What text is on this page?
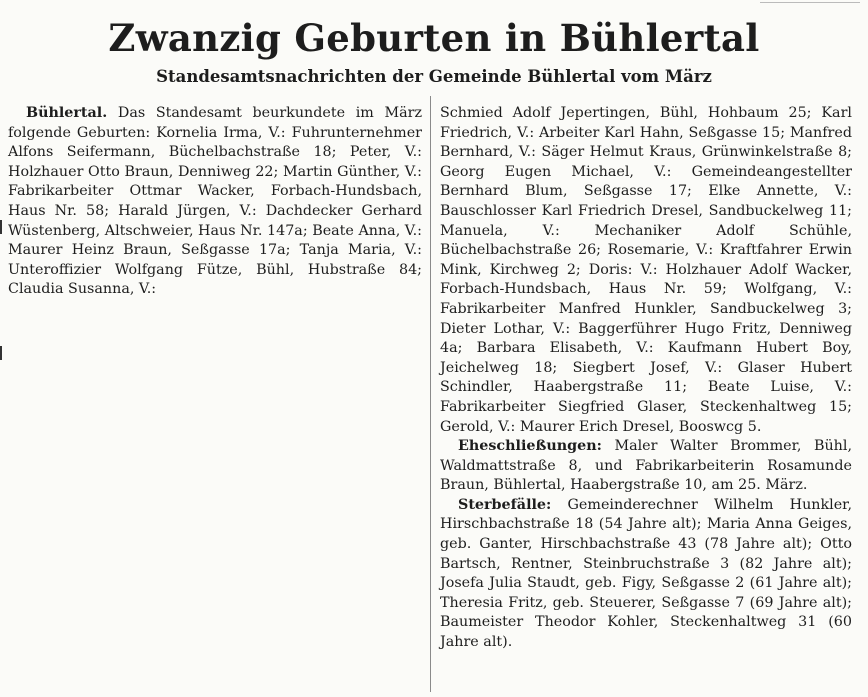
Zwanzig Geburten in Bühlertal
Standesamtsnachrichten der Gemeinde Bühlertal vom März

Bühlertal. Das Standesamt beurkundete im März folgende Geburten: Kornelia Irma, V.: Fuhrunternehmer Alfons Seifermann, Büchelbachstraße 18; Peter, V.: Holzhauer Otto Braun, Denniweg 22; Martin Günther, V.: Fabrikarbeiter Ottmar Wacker, Forbach-Hundsbach, Haus Nr. 58; Harald Jürgen, V.: Dachdecker Gerhard Wüstenberg, Altschweier, Haus Nr. 147a; Beate Anna, V.: Maurer Heinz Braun, Seßgasse 17a; Tanja Maria, V.: Unteroffizier Wolfgang Fütze, Bühl, Hubstraße 84; Claudia Susanna, V.:

Schmied Adolf Jepertingen, Bühl, Hohbaum 25; Karl Friedrich, V.: Arbeiter Karl Hahn, Seßgasse 15; Manfred Bernhard, V.: Säger Helmut Kraus, Grünwinkelstraße 8; Georg Eugen Michael, V.: Gemeindeangestellter Bernhard Blum, Seßgasse 17; Elke Annette, V.: Bauschlosser Karl Friedrich Dresel, Sandbuckelweg 11; Manuela, V.: Mechaniker Adolf Schühle, Büchelbachstraße 26; Rosemarie, V.: Kraftfahrer Erwin Mink, Kirchweg 2; Doris: V.: Holzhauer Adolf Wacker, Forbach-Hundsbach, Haus Nr. 59; Wolfgang, V.: Fabrikarbeiter Manfred Hunkler, Sandbuckelweg 3; Dieter Lothar, V.: Baggerführer Hugo Fritz, Denniweg 4a; Barbara Elisabeth, V.: Kaufmann Hubert Boy, Jeichelweg 18; Siegbert Josef, V.: Glaser Hubert Schindler, Haabergstraße 11; Beate Luise, V.: Fabrikarbeiter Siegfried Glaser, Steckenhaltweg 15; Gerold, V.: Maurer Erich Dresel, Booswcg 5.

Eheschließungen: Maler Walter Brommer, Bühl, Waldmattstraße 8, und Fabrikarbeiterin Rosamunde Braun, Bühlertal, Haabergstraße 10, am 25. März.

Sterbefälle: Gemeinderechner Wilhelm Hunkler, Hirschbachstraße 18 (54 Jahre alt); Maria Anna Geiges, geb. Ganter, Hirschbachstraße 43 (78 Jahre alt); Otto Bartsch, Rentner, Steinbruchstraße 3 (82 Jahre alt); Josefa Julia Staudt, geb. Figy, Seßgasse 2 (61 Jahre alt); Theresia Fritz, geb. Steuerer, Seßgasse 7 (69 Jahre alt); Baumeister Theodor Kohler, Steckenhaltweg 31 (60 Jahre alt).
